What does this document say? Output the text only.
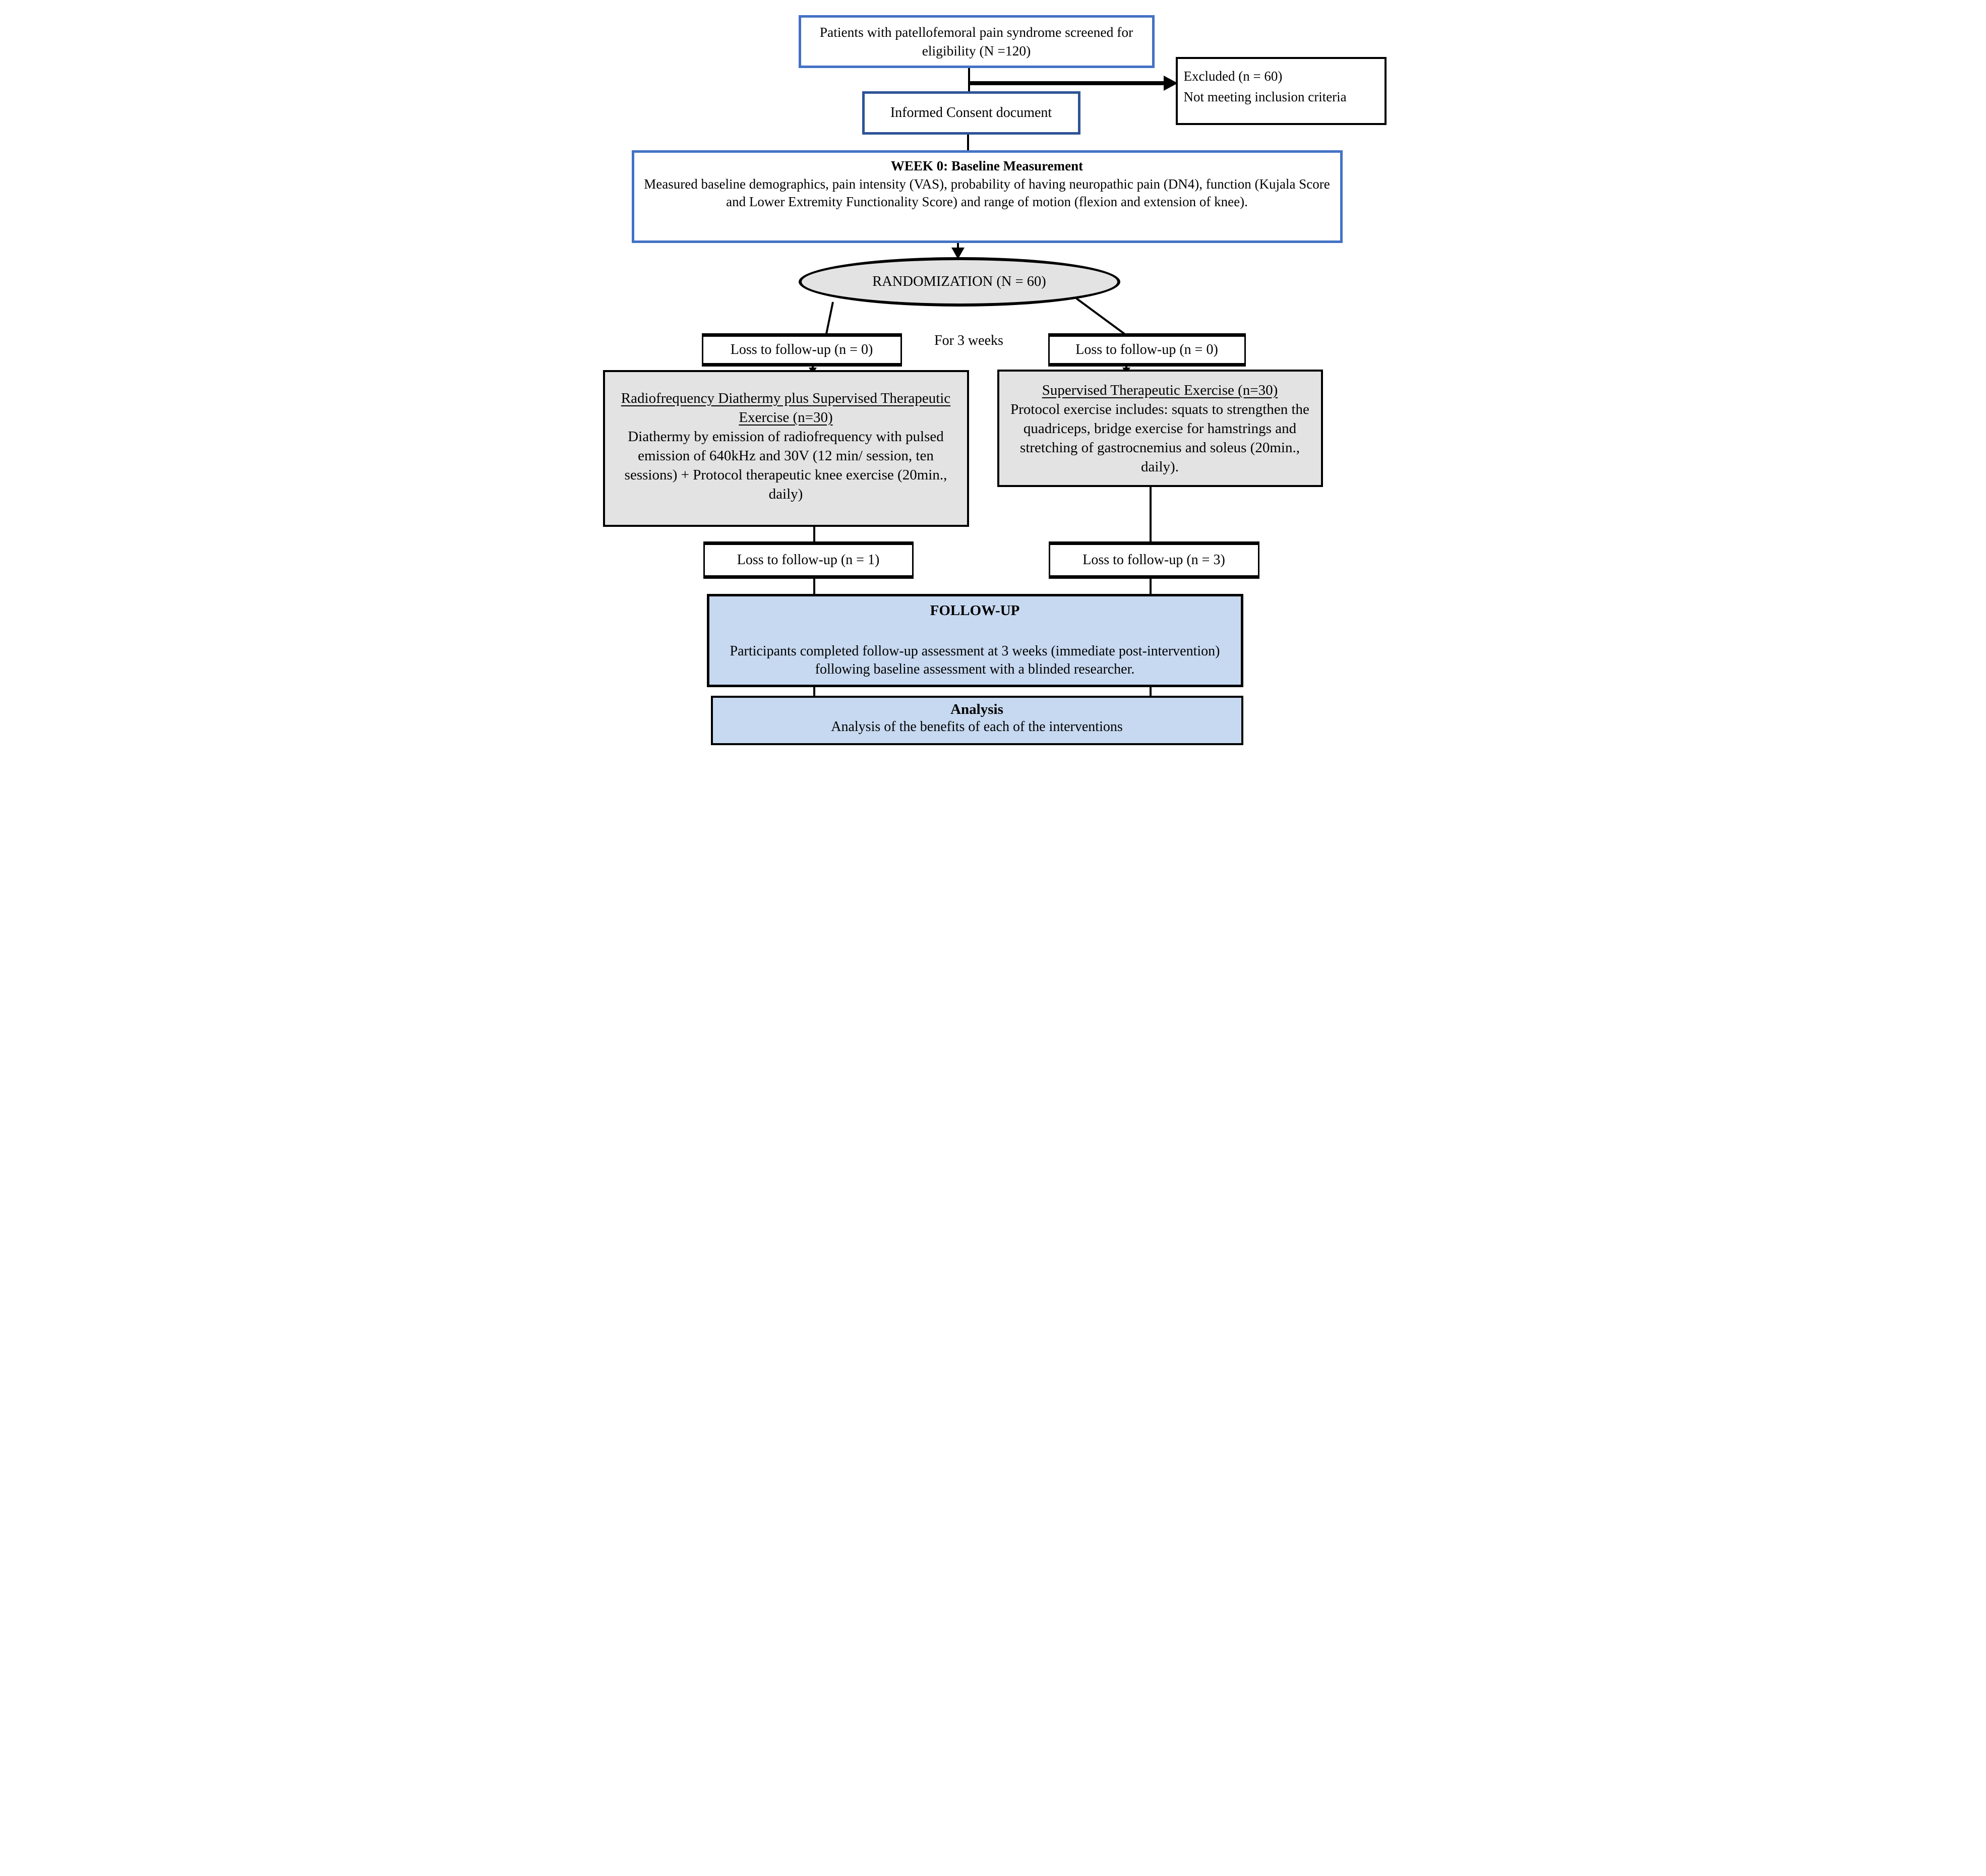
Patients with patellofemoral pain syndrome screened for eligibility (N =120)
Excluded (n = 60)
Not meeting inclusion criteria
Informed Consent document
WEEK 0: Baseline Measurement
Measured baseline demographics, pain intensity (VAS), probability of having neuropathic pain (DN4), function (Kujala Score and Lower Extremity Functionality Score) and range of motion (flexion and extension of knee).
RANDOMIZATION (N = 60)
Loss to follow-up (n = 0)
For 3 weeks
Loss to follow-up (n = 0)
Radiofrequency Diathermy plus Supervised Therapeutic Exercise (n=30)
Diathermy by emission of radiofrequency with pulsed emission of 640kHz and 30V (12 min/ session, ten sessions) + Protocol therapeutic knee exercise (20min., daily)
Supervised Therapeutic Exercise (n=30)
Protocol exercise includes: squats to strengthen the quadriceps, bridge exercise for hamstrings and stretching of gastrocnemius and soleus (20min., daily).
Loss to follow-up (n = 1)	Loss to follow-up (n = 3)
FOLLOW-UP
Participants completed follow-up assessment at 3 weeks (immediate post-intervention) following baseline assessment with a blinded researcher.
Analysis
Analysis of the benefits of each of the interventions
